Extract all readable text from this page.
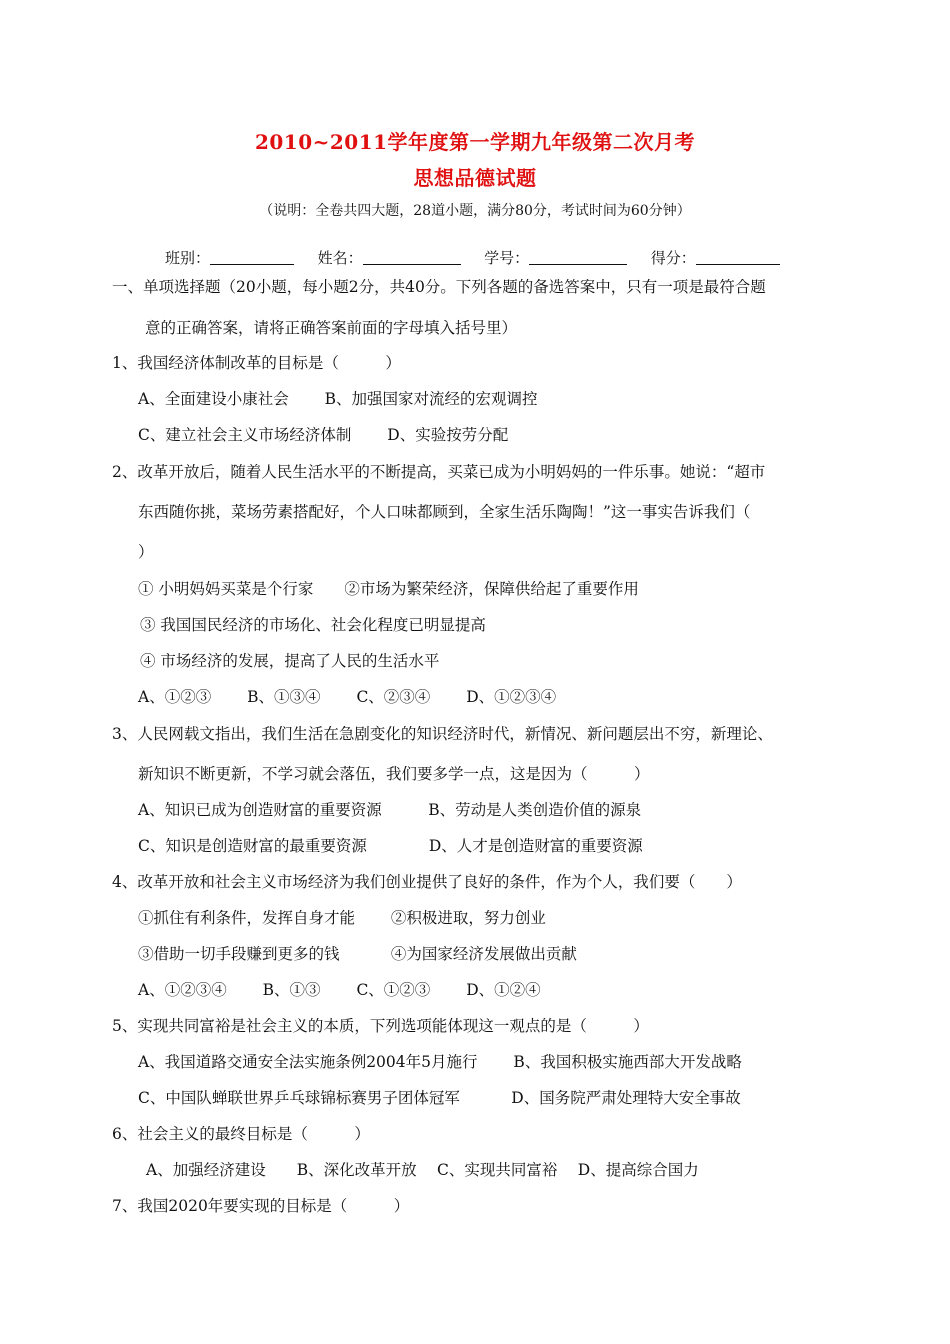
2010~2011学年度第一学期九年级第二次月考
思想品德试题
（说明：全卷共四大题，28道小题，满分80分，考试时间为60分钟）
班别：	姓名：	学号：	得分：
一、单项选择题（20小题，每小题2分，共40分。下列各题的备选答案中，只有一项是最符合题
意的正确答案，请将正确答案前面的字母填入括号里）
1、我国经济体制改革的目标是（　　　）
A、全面建设小康社会　　 B、加强国家对流经的宏观调控
C、建立社会主义市场经济体制　　 D、实验按劳分配
2、改革开放后，随着人民生活水平的不断提高，买菜已成为小明妈妈的一件乐事。她说：“超市
东西随你挑，菜场劳素搭配好，个人口味都顾到，全家生活乐陶陶！”这一事实告诉我们（
）
① 小明妈妈买菜是个行家　　②市场为繁荣经济，保障供给起了重要作用
③ 我国国民经济的市场化、社会化程度已明显提高
④ 市场经济的发展，提高了人民的生活水平
A、①②③　　 B、①③④　　 C、②③④　　 D、①②③④
3、人民网载文指出，我们生活在急剧变化的知识经济时代，新情况、新问题层出不穷，新理论、
新知识不断更新，不学习就会落伍，我们要多学一点，这是因为（　　　）
A、知识已成为创造财富的重要资源　　　B、劳动是人类创造价值的源泉
C、知识是创造财富的最重要资源　　　　D、人才是创造财富的重要资源
4、改革开放和社会主义市场经济为我们创业提供了良好的条件，作为个人，我们要（　　）
①抓住有利条件，发挥自身才能　　 ②积极进取，努力创业
③借助一切手段赚到更多的钱　　　 ④为国家经济发展做出贡献
A、①②③④　　 B、①③　　 C、①②③　　 D、①②④
5、实现共同富裕是社会主义的本质，下列选项能体现这一观点的是（　　　）
A、我国道路交通安全法实施条例2004年5月施行　　 B、我国积极实施西部大开发战略
C、中国队蝉联世界乒乓球锦标赛男子团体冠军　　　 D、国务院严肃处理特大安全事故
6、社会主义的最终目标是（　　　）
A、加强经济建设　　B、深化改革开放　 C、实现共同富裕　 D、提高综合国力
7、我国2020年要实现的目标是（　　　）
